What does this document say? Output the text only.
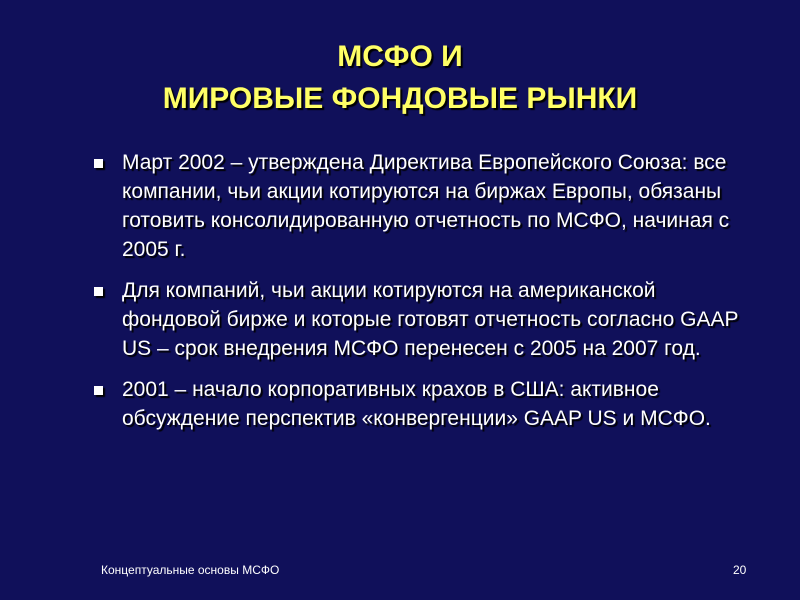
МСФО И
МИРОВЫЕ ФОНДОВЫЕ РЫНКИ
Март 2002 – утверждена Директива Европейского Союза: все компании, чьи акции котируются на биржах Европы, обязаны готовить консолидированную отчетность по МСФО, начиная с 2005 г.
Для компаний, чьи акции котируются на американской фондовой бирже и которые готовят отчетность согласно GAAP US – срок внедрения МСФО перенесен с 2005 на 2007 год.
2001 – начало корпоративных крахов в США: активное обсуждение перспектив «конвергенции» GAAP US и МСФО.
Концептуальные основы МСФО	20
